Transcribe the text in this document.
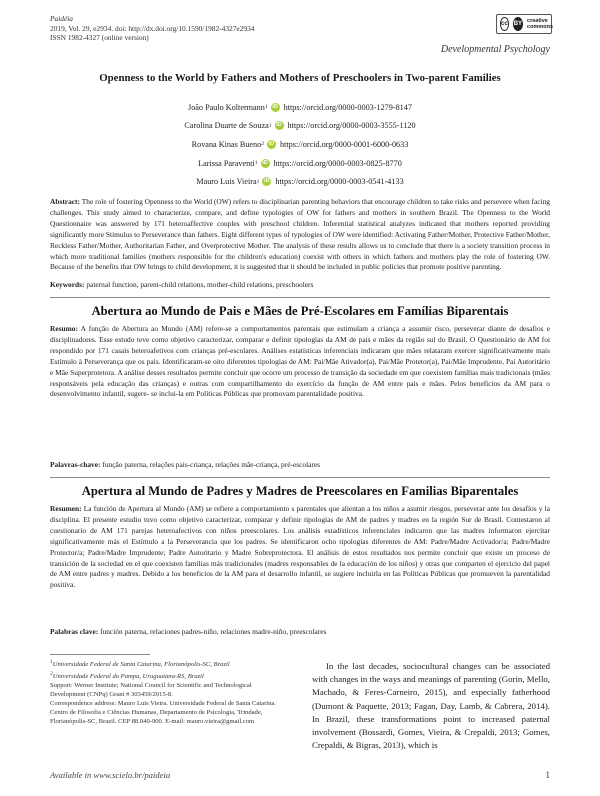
Paidéia
2019, Vol. 29, e2934. doi: http://dx.doi.org/10.1590/1982-4327e2934
ISSN 1982-4327 (online version)
cc BY creative
commons
Developmental Psychology
Openness to the World by Fathers and Mothers of Preschoolers in Two-parent Families
João Paulo Koltermann 1 iD https://orcid.org/0000-0003-1279-8147
Carolina Duarte de Souza 1 iD https://orcid.org/0000-0003-3555-1120
Rovana Kinas Bueno 2 iD https://orcid.org/0000-0001-6000-0633
Larissa Paraventi 1 iD https://orcid.org/0000-0003-0825-8770
Mauro Luis Vieira 1 iD https://orcid.org/0000-0003-0541-4133
Abstract: The role of fostering Openness to the World (OW) refers to disciplinarian parenting behaviors that encourage children to take risks and persevere when facing challenges. This study aimed to characterize, compare, and define typologies of OW for fathers and mothers in southern Brazil. The Openness to the World Questionnaire was answered by 171 heteroaffective couples with preschool children. Inferential statistical analyzes indicated that mothers reported providing significantly more Stimulus to Perseverance than fathers. Eight different types of typologies of OW were identified: Activating Father/Mother, Protective Father/Mother, Reckless Father/Mother, Authoritarian Father, and Overprotective Mother. The analysis of these results allows us to conclude that there is a society transition process in which more traditional families (mothers responsible for the children's education) coexist with others in which fathers and mothers play the role of fostering OW. Because of the benefits that OW brings to child development, it is suggested that it should be included in public policies that promote positive parenting.
Keywords: paternal function, parent-child relations, mother-child relations, preschoolers
Abertura ao Mundo de Pais e Mães de Pré-Escolares em Famílias Biparentais
Resumo: A função de Abertura ao Mundo (AM) refere-se a comportamentos parentais que estimulam a criança a assumir risco, perseverar diante de desafios e disciplinadores. Esse estudo teve como objetivo caracterizar, comparar e definir tipologias da AM de pais e mães da região sul do Brasil. O Questionário de AM foi respondido por 171 casais heteroafetivos com crianças pré-escolares. Análises estatísticas inferenciais indicaram que mães relataram exercer significativamente mais Estímulo à Perseverança que os pais. Identificaram-se oito diferentes tipologias de AM: Pai/Mãe Ativador(a), Pai/Mãe Protetor(a), Pai/Mãe Imprudente, Pai Autoritário e Mãe Superprotetora. A análise desses resultados permite concluir que ocorre um processo de transição da sociedade em que coexistem famílias mais tradicionais (mães responsáveis pela educação das crianças) e outras com compartilhamento do exercício da função de AM entre pais e mães. Pelos benefícios da AM para o desenvolvimento infantil, sugere- se inclui-la em Políticas Públicas que promovam parentalidade positiva.
Palavras-chave: função paterna, relações pais-criança, relações mãe-criança, pré-escolares
Apertura al Mundo de Padres y Madres de Preescolares en Familias Biparentales
Resumen: La función de Apertura al Mundo (AM) se refiere a comportamiento s parentales que alientan a los niños a asumir riesgos, perseverar ante los desafíos y la disciplina. El presente estudio tuvo como objetivo caracterizar, comparar y definir tipologías de AM de padres y madres en la región Sur de Brasil. Contestaron al cuestionario de AM 171 parejas heteroafectivos con niños preescolares. Los análisis estadísticos inferenciales indicaron que las madres informaron ejercitar significativamente más el Estímulo a la Perseverancia que los padres. Se identificaron ocho tipologías diferentes de AM: Padre/Madre Activador/a; Padre/Madre Protector/a; Padre/Madre Imprudente; Padre Autoritario y Madre Sobreprotectora. El análisis de estos resultados nos permite concluir que existe un proceso de transición de la sociedad en el que coexisten familias más tradicionales (madres responsables de la educación de los niños) y otras que comparten el ejercicio del papel de AM entre padres y madres. Debido a los beneficios de la AM para el desarrollo infantil, se sugiere incluirla en las Políticas Públicas que promueven la parentalidad positiva.
Palabras clave: función paterna, relaciones padres-niño, relaciones madre-niño, preescolares
$^1$Universidade Federal de Santa Catarina, Florianópolis-SC, Brazil
$^2$Universidade Federal do Pampa, Uruguaiana-RS, Brazil
Support: Werner Institute; National Council for Scientific and Technological Development (CNPq) Grant # 303459/2015-8.
Correspondence address: Mauro Luis Vieira. Universidade Federal de Santa Catarina. Centro de Filosofia e Ciências Humanas, Departamento de Psicologia, Trindade, Florianópolis-SC, Brazil. CEP 88.040-900. E-mail: mauro.vieira@gmail.com
In the last decades, sociocultural changes can be associated with changes in the ways and meanings of parenting (Gorin, Mello, Machado, & Feres-Carneiro, 2015), and especially fatherhood (Dumont & Paquette, 2013; Fagan, Day, Lamb, & Cabrera, 2014). In Brazil, these transformations point to increased paternal involvement (Bossardi, Gomes, Vieira, & Crepaldi, 2013; Gomes, Crepaldi, & Bigras, 2013), which is
Available in www.scielo.br/paideia	1
